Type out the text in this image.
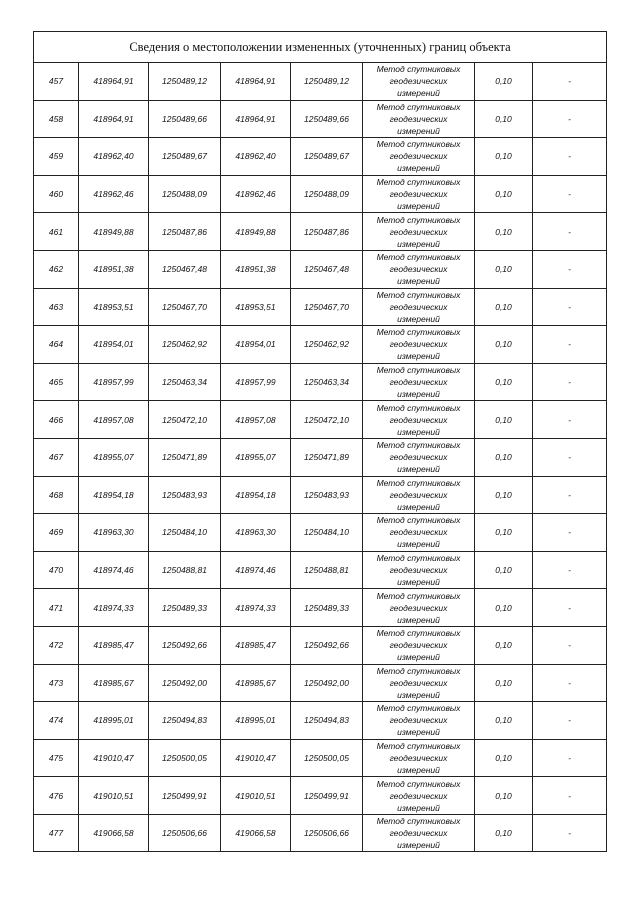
Сведения о местоположении измененных (уточненных) границ объекта							
457	418964,91	1250489,12	418964,91	1250489,12	Метод спутниковых
геодезических
измерений	0,10	-
458	418964,91	1250489,66	418964,91	1250489,66	Метод спутниковых
геодезических
измерений	0,10	-
459	418962,40	1250489,67	418962,40	1250489,67	Метод спутниковых
геодезических
измерений	0,10	-
460	418962,46	1250488,09	418962,46	1250488,09	Метод спутниковых
геодезических
измерений	0,10	-
461	418949,88	1250487,86	418949,88	1250487,86	Метод спутниковых
геодезических
измерений	0,10	-
462	418951,38	1250467,48	418951,38	1250467,48	Метод спутниковых
геодезических
измерений	0,10	-
463	418953,51	1250467,70	418953,51	1250467,70	Метод спутниковых
геодезических
измерений	0,10	-
464	418954,01	1250462,92	418954,01	1250462,92	Метод спутниковых
геодезических
измерений	0,10	-
465	418957,99	1250463,34	418957,99	1250463,34	Метод спутниковых
геодезических
измерений	0,10	-
466	418957,08	1250472,10	418957,08	1250472,10	Метод спутниковых
геодезических
измерений	0,10	-
467	418955,07	1250471,89	418955,07	1250471,89	Метод спутниковых
геодезических
измерений	0,10	-
468	418954,18	1250483,93	418954,18	1250483,93	Метод спутниковых
геодезических
измерений	0,10	-
469	418963,30	1250484,10	418963,30	1250484,10	Метод спутниковых
геодезических
измерений	0,10	-
470	418974,46	1250488,81	418974,46	1250488,81	Метод спутниковых
геодезических
измерений	0,10	-
471	418974,33	1250489,33	418974,33	1250489,33	Метод спутниковых
геодезических
измерений	0,10	-
472	418985,47	1250492,66	418985,47	1250492,66	Метод спутниковых
геодезических
измерений	0,10	-
473	418985,67	1250492,00	418985,67	1250492,00	Метод спутниковых
геодезических
измерений	0,10	-
474	418995,01	1250494,83	418995,01	1250494,83	Метод спутниковых
геодезических
измерений	0,10	-
475	419010,47	1250500,05	419010,47	1250500,05	Метод спутниковых
геодезических
измерений	0,10	-
476	419010,51	1250499,91	419010,51	1250499,91	Метод спутниковых
геодезических
измерений	0,10	-
477	419066,58	1250506,66	419066,58	1250506,66	Метод спутниковых
геодезических
измерений	0,10	-
